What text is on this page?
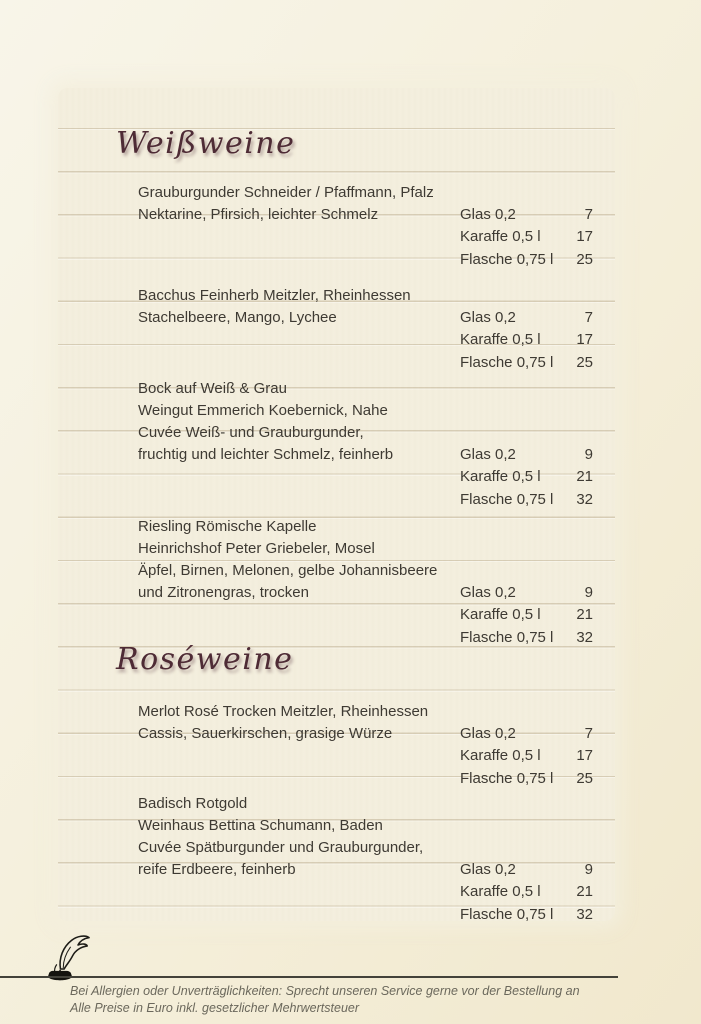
Weißweine
Grauburgunder Schneider / Pfaffmann, Pfalz
Nektarine, Pfirsich, leichter Schmelz	Glas 0,2	7
Karaffe 0,5 l 17
Flasche 0,75 l 25
Bacchus Feinherb Meitzler, Rheinhessen
Stachelbeere, Mango, Lychee	Glas 0,2	7
Karaffe 0,5 l 17
Flasche 0,75 l 25
Bock auf Weiß & Grau
Weingut Emmerich Koebernick, Nahe
Cuvée Weiß- und Grauburgunder,
fruchtig und leichter Schmelz, feinherb	Glas 0,2	9
Karaffe 0,5 l 21
Flasche 0,75 l 32
Riesling Römische Kapelle
Heinrichshof Peter Griebeler, Mosel
Äpfel, Birnen, Melonen, gelbe Johannisbeere
und Zitronengras, trocken	Glas 0,2	9
Karaffe 0,5 l 21
Flasche 0,75 l 32
Roséweine
Merlot Rosé Trocken Meitzler, Rheinhessen
Cassis, Sauerkirschen, grasige Würze	Glas 0,2	7
Karaffe 0,5 l 17
Flasche 0,75 l 25
Badisch Rotgold
Weinhaus Bettina Schumann, Baden
Cuvée Spätburgunder und Grauburgunder,
reife Erdbeere, feinherb	Glas 0,2	9
Karaffe 0,5 l 21
Flasche 0,75 l 32
Bei Allergien oder Unverträglichkeiten: Sprecht unseren Service gerne vor der Bestellung an
Alle Preise in Euro inkl. gesetzlicher Mehrwertsteuer
